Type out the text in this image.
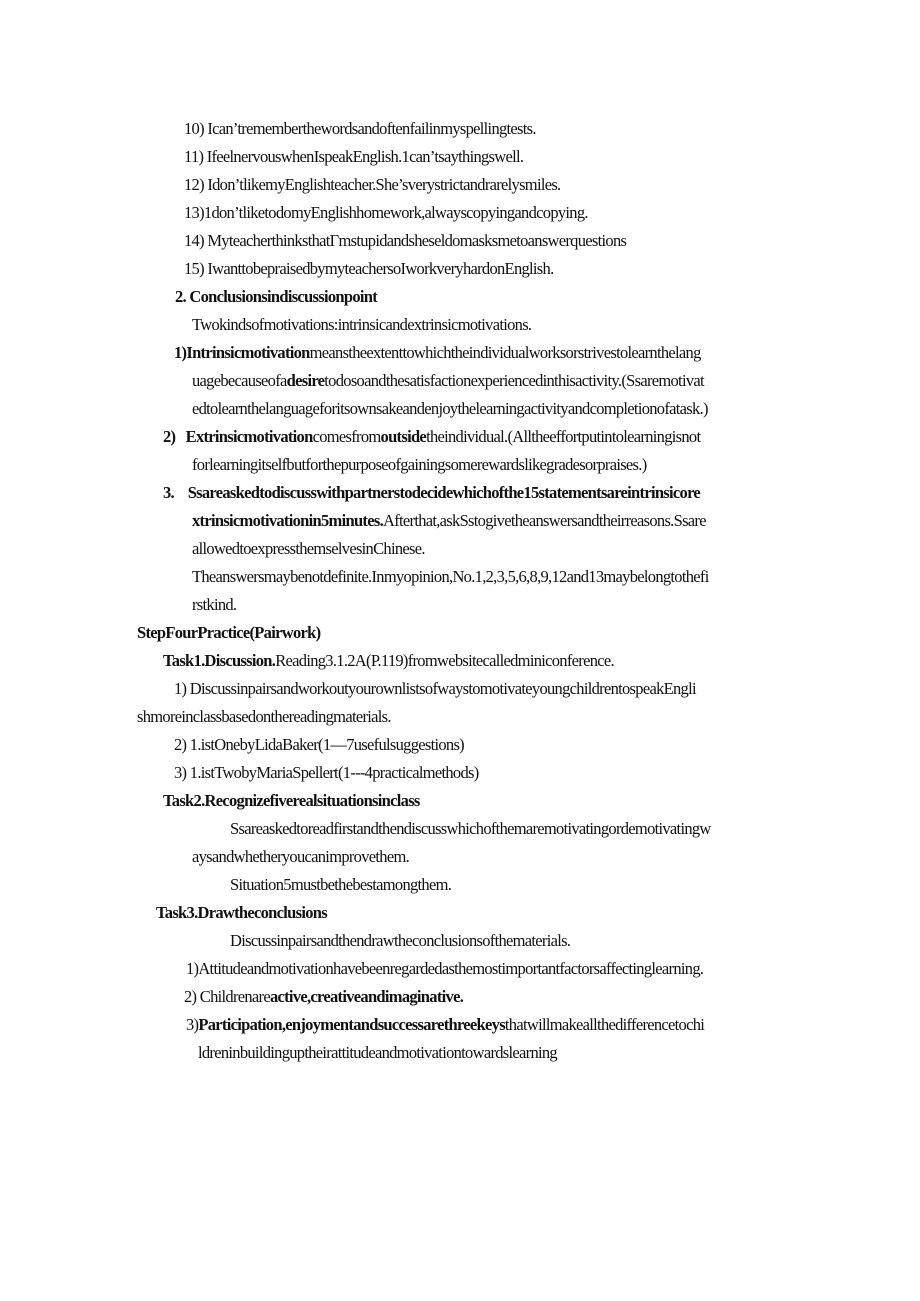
10) Ican’trememberthewordsandoftenfailinmyspellingtests.
11) IfeelnervouswhenIspeakEnglish.1can’tsaythingswell.
12) Idon’tlikemyEnglishteacher.She’sverystrictandrarelysmiles.
13)1don’tliketodomyEnglishhomework,alwayscopyingandcopying.
14) MyteacherthinksthatΓmstupidandsheseldomasksmetoanswerquestions
15) IwanttobepraisedbymyteachersoIworkveryhardonEnglish.
2. Conclusionsindiscussionpoint
Twokindsofmotivations:intrinsicandextrinsicmotivations.
1)Intrinsicmotivationmeanstheextenttowhichtheindividualworksorstrivestolearnthelang
uagebecauseofadesiretodosoandthesatisfactionexperiencedinthisactivity.(Ssaremotivat
edtolearnthelanguageforitsownsakeandenjoythelearningactivityandcompletionofatask.)
2) Extrinsicmotivationcomesfromoutsidetheindividual.(Alltheeffortputintolearningisnot
forlearningitselfbutforthepurposeofgainingsomerewardslikegradesorpraises.)
3. Ssareaskedtodiscusswithpartnerstodecidewhichofthe15statementsareintrinsicore
xtrinsicmotivationin5minutes.Afterthat,askSstogivetheanswersandtheirreasons.Ssare
allowedtoexpressthemselvesinChinese.
Theanswersmaybenotdefinite.Inmyopinion,No.1,2,3,5,6,8,9,12and13maybelongtothefi
rstkind.
StepFourPractice(Pairwork)
Task1.Discussion.Reading3.1.2A(P.119)fromwebsitecalledminiconference.
1) DiscussinpairsandworkoutyourownlistsofwaystomotivateyoungchildrentospeakEngli
shmoreinclassbasedonthereadingmaterials.
2) 1.istOnebyLidaBaker(1—7usefulsuggestions)
3) 1.istTwobyMariaSpellert(1---4practicalmethods)
Task2.Recognizefiverealsituationsinclass
Ssareaskedtoreadfirstandthendiscusswhichofthemaremotivatingordemotivatingw
aysandwhetheryoucanimprovethem.
Situation5mustbethebestamongthem.
Task3.Drawtheconclusions
Discussinpairsandthendrawtheconclusionsofthematerials.
1)Attitudeandmotivationhavebeenregardedasthemostimportantfactorsaffectinglearning.
2) Childrenareactive,creativeandimaginative.
3)Participation,enjoymentandsuccessarethreekeysthatwillmakeallthedifferencetochi
ldreninbuildinguptheirattitudeandmotivationtowardslearning
